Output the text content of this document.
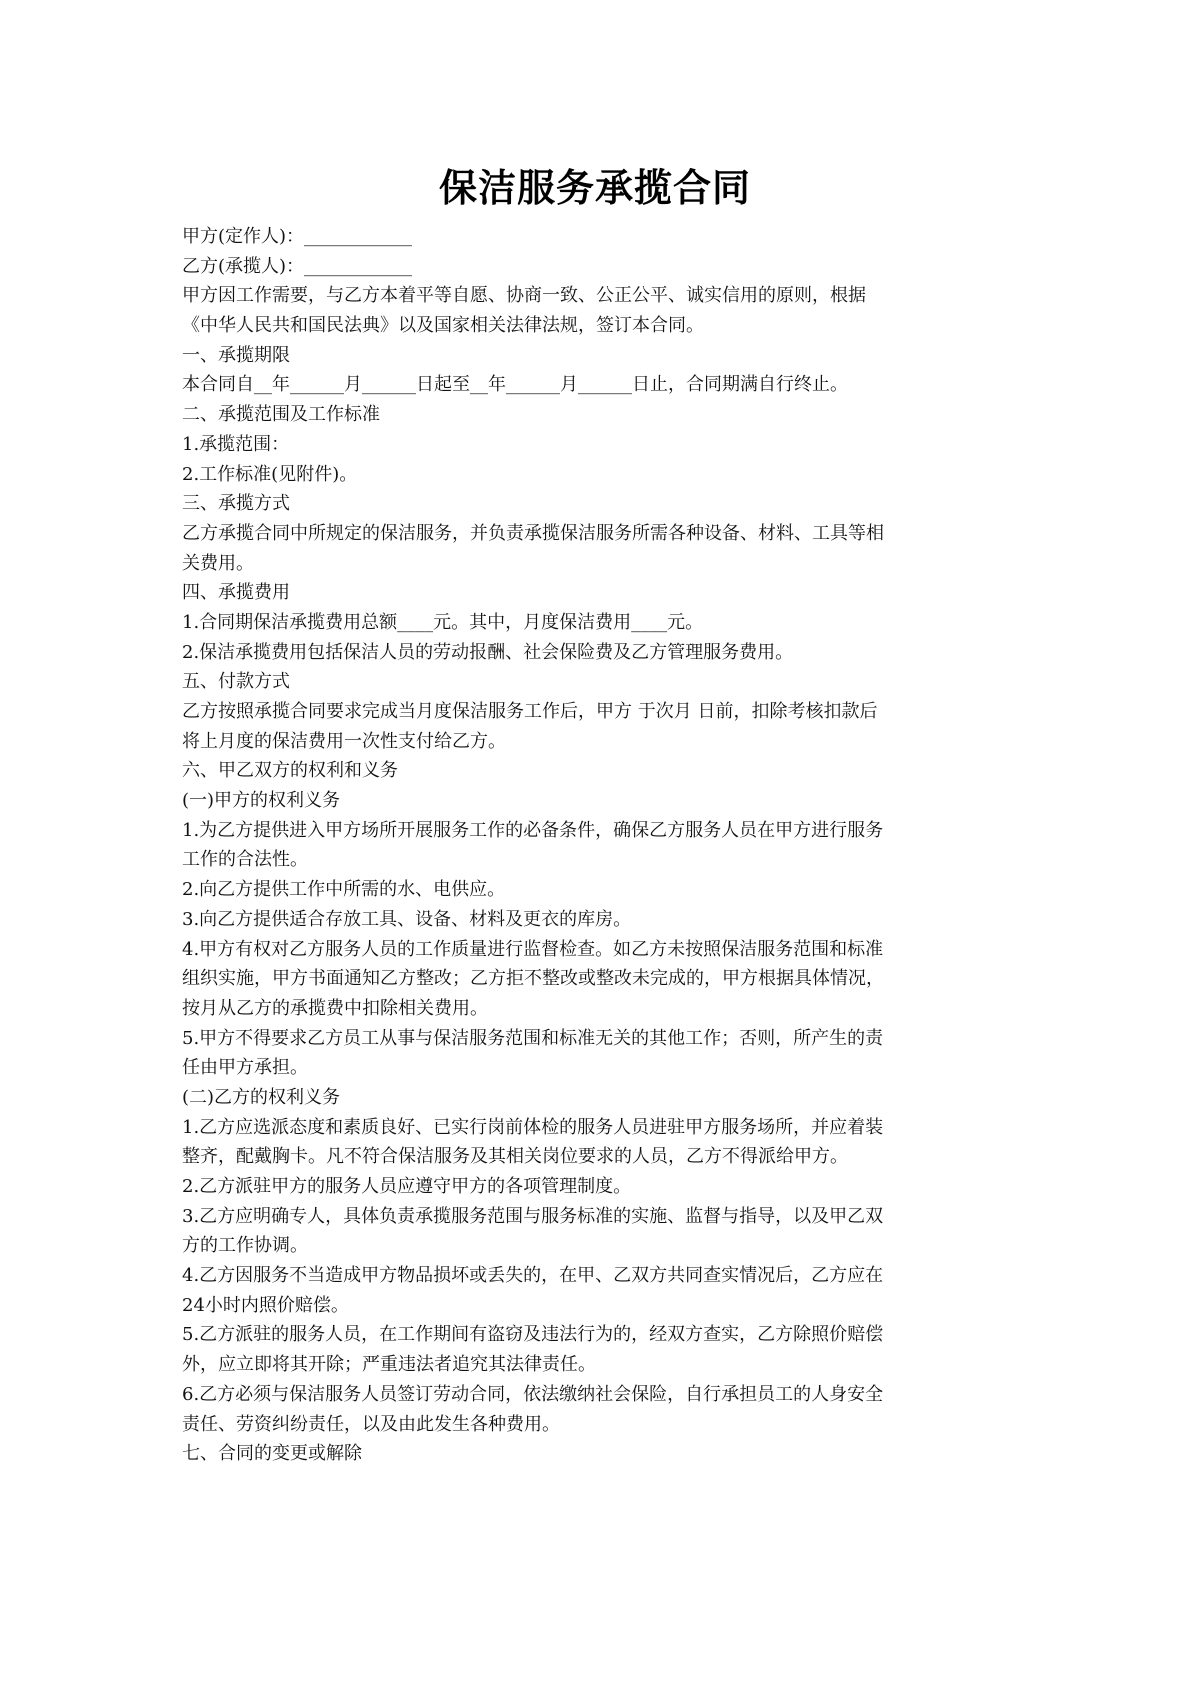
保洁服务承揽合同
甲方(定作人)：____________
乙方(承揽人)：____________
甲方因工作需要，与乙方本着平等自愿、协商一致、公正公平、诚实信用的原则，根据
《中华人民共和国民法典》以及国家相关法律法规，签订本合同。
一、承揽期限
本合同自__年______月______日起至__年______月______日止，合同期满自行终止。
二、承揽范围及工作标准
1.承揽范围：
2.工作标准(见附件)。
三、承揽方式
乙方承揽合同中所规定的保洁服务，并负责承揽保洁服务所需各种设备、材料、工具等相
关费用。
四、承揽费用
1.合同期保洁承揽费用总额____元。其中，月度保洁费用____元。
2.保洁承揽费用包括保洁人员的劳动报酬、社会保险费及乙方管理服务费用。
五、付款方式
乙方按照承揽合同要求完成当月度保洁服务工作后，甲方 于次月 日前，扣除考核扣款后
将上月度的保洁费用一次性支付给乙方。
六、甲乙双方的权利和义务
(一)甲方的权利义务
1.为乙方提供进入甲方场所开展服务工作的必备条件，确保乙方服务人员在甲方进行服务
工作的合法性。
2.向乙方提供工作中所需的水、电供应。
3.向乙方提供适合存放工具、设备、材料及更衣的库房。
4.甲方有权对乙方服务人员的工作质量进行监督检查。如乙方未按照保洁服务范围和标准
组织实施，甲方书面通知乙方整改；乙方拒不整改或整改未完成的，甲方根据具体情况，
按月从乙方的承揽费中扣除相关费用。
5.甲方不得要求乙方员工从事与保洁服务范围和标准无关的其他工作；否则，所产生的责
任由甲方承担。
(二)乙方的权利义务
1.乙方应选派态度和素质良好、已实行岗前体检的服务人员进驻甲方服务场所，并应着装
整齐，配戴胸卡。凡不符合保洁服务及其相关岗位要求的人员，乙方不得派给甲方。
2.乙方派驻甲方的服务人员应遵守甲方的各项管理制度。
3.乙方应明确专人，具体负责承揽服务范围与服务标准的实施、监督与指导，以及甲乙双
方的工作协调。
4.乙方因服务不当造成甲方物品损坏或丢失的，在甲、乙双方共同查实情况后，乙方应在
24小时内照价赔偿。
5.乙方派驻的服务人员，在工作期间有盗窃及违法行为的，经双方查实，乙方除照价赔偿
外，应立即将其开除；严重违法者追究其法律责任。
6.乙方必须与保洁服务人员签订劳动合同，依法缴纳社会保险，自行承担员工的人身安全
责任、劳资纠纷责任，以及由此发生各种费用。
七、合同的变更或解除
